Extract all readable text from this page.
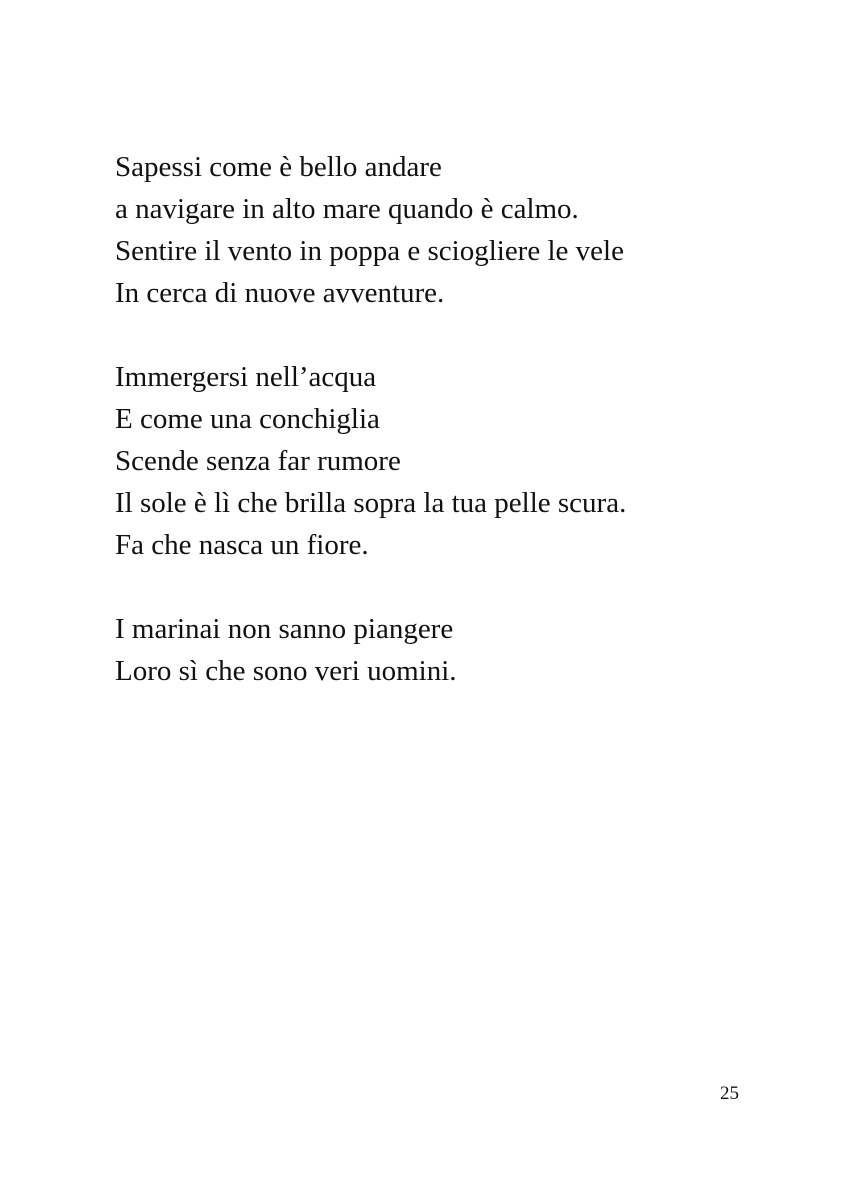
Sapessi come è bello andare
a navigare in alto mare quando è calmo.
Sentire il vento in poppa e sciogliere le vele
In cerca di nuove avventure.
Immergersi nell’acqua
E come una conchiglia
Scende senza far rumore
Il sole è lì che brilla sopra la tua pelle scura.
Fa che nasca un fiore.
I marinai non sanno piangere
Loro sì che sono veri uomini.
25
